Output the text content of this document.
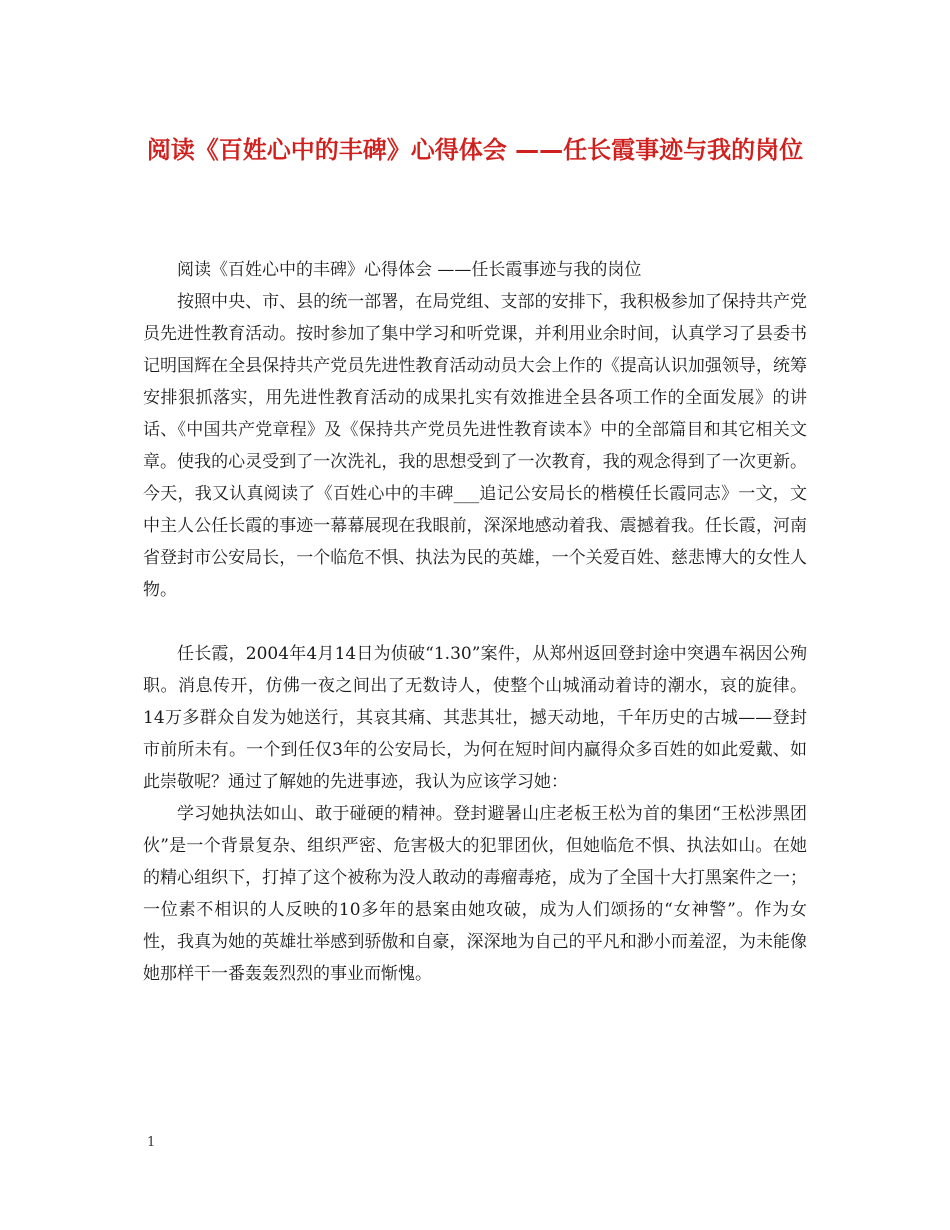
阅读《百姓心中的丰碑》心得体会 ——任长霞事迹与我的岗位

阅读《百姓心中的丰碑》心得体会 ——任长霞事迹与我的岗位

按照中央、市、县的统一部署，在局党组、支部的安排下，我积极参加了保持共产党员先进性教育活动。按时参加了集中学习和听党课，并利用业余时间，认真学习了县委书记明国辉在全县保持共产党员先进性教育活动动员大会上作的《提高认识加强领导，统筹安排狠抓落实，用先进性教育活动的成果扎实有效推进全县各项工作的全面发展》的讲话、《中国共产党章程》及《保持共产党员先进性教育读本》中的全部篇目和其它相关文章。使我的心灵受到了一次洗礼，我的思想受到了一次教育，我的观念得到了一次更新。今天，我又认真阅读了《百姓心中的丰碑___追记公安局长的楷模任长霞同志》一文，文中主人公任长霞的事迹一幕幕展现在我眼前，深深地感动着我、震撼着我。任长霞，河南省登封市公安局长，一个临危不惧、执法为民的英雄，一个关爱百姓、慈悲博大的女性人物。

任长霞，2004年4月14日为侦破“1.30”案件，从郑州返回登封途中突遇车祸因公殉职。消息传开，仿佛一夜之间出了无数诗人，使整个山城涌动着诗的潮水，哀的旋律。14万多群众自发为她送行，其哀其痛、其悲其壮，撼天动地，千年历史的古城——登封市前所未有。一个到任仅3年的公安局长，为何在短时间内赢得众多百姓的如此爱戴、如此崇敬呢？通过了解她的先进事迹，我认为应该学习她：

学习她执法如山、敢于碰硬的精神。登封避暑山庄老板王松为首的集团“王松涉黑团伙”是一个背景复杂、组织严密、危害极大的犯罪团伙，但她临危不惧、执法如山。在她的精心组织下，打掉了这个被称为没人敢动的毒瘤毒疮，成为了全国十大打黑案件之一；一位素不相识的人反映的10多年的悬案由她攻破，成为人们颂扬的“女神警”。作为女性，我真为她的英雄壮举感到骄傲和自豪，深深地为自己的平凡和渺小而羞涩，为未能像她那样干一番轰轰烈烈的事业而惭愧。

1
